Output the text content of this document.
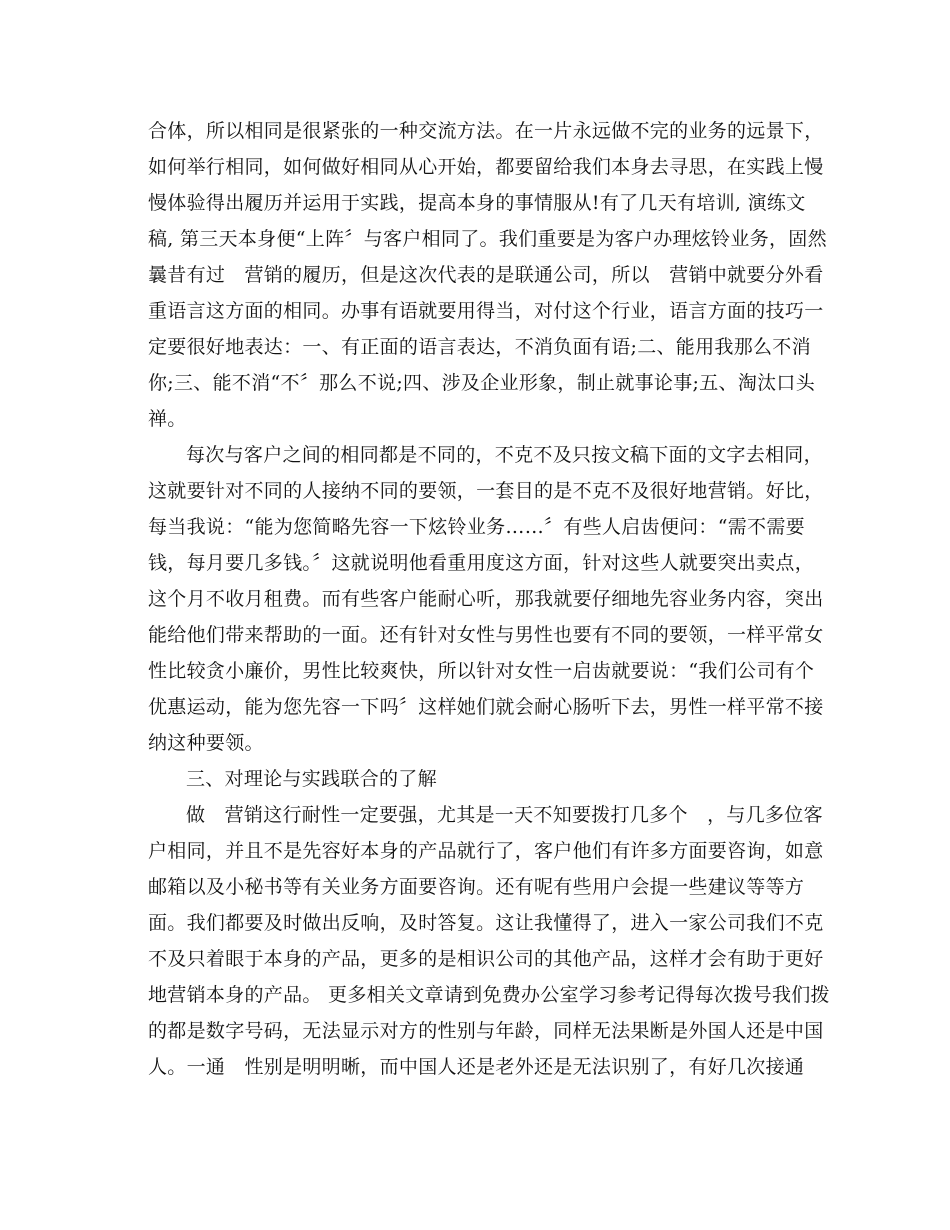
合体，所以相同是很紧张的一种交流方法。在一片永远做不完的业务的远景下，
如何举行相同，如何做好相同从心开始，都要留给我们本身去寻思，在实践上慢
慢体验得出履历并运用于实践，提高本身的事情服从!有了几天有培训, 演练文
稿, 第三天本身便“上阵〞与客户相同了。我们重要是为客户办理炫铃业务，固然
曩昔有过　营销的履历，但是这次代表的是联通公司，所以　营销中就要分外看
重语言这方面的相同。办事有语就要用得当，对付这个行业，语言方面的技巧一
定要很好地表达：一、有正面的语言表达，不消负面有语;二、能用我那么不消
你;三、能不消“不〞那么不说;四、涉及企业形象，制止就事论事;五、淘汰口头
禅。
每次与客户之间的相同都是不同的，不克不及只按文稿下面的文字去相同，
这就要针对不同的人接纳不同的要领，一套目的是不克不及很好地营销。好比，
每当我说：“能为您简略先容一下炫铃业务……〞有些人启齿便问：“需不需要
钱，每月要几多钱。〞这就说明他看重用度这方面，针对这些人就要突出卖点，
这个月不收月租费。而有些客户能耐心听，那我就要仔细地先容业务内容，突出
能给他们带来帮助的一面。还有针对女性与男性也要有不同的要领，一样平常女
性比较贪小廉价，男性比较爽快，所以针对女性一启齿就要说：“我们公司有个
优惠运动，能为您先容一下吗〞这样她们就会耐心肠听下去，男性一样平常不接
纳这种要领。
三、对理论与实践联合的了解
做　营销这行耐性一定要强，尤其是一天不知要拨打几多个　，与几多位客
户相同，并且不是先容好本身的产品就行了，客户他们有许多方面要咨询，如意
邮箱以及小秘书等有关业务方面要咨询。还有呢有些用户会提一些建议等等方
面。我们都要及时做出反响，及时答复。这让我懂得了，进入一家公司我们不克
不及只着眼于本身的产品，更多的是相识公司的其他产品，这样才会有助于更好
地营销本身的产品。 更多相关文章请到免费办公室学习参考记得每次拨号我们拨
的都是数字号码，无法显示对方的性别与年龄，同样无法果断是外国人还是中国
人。一通　性别是明明晰，而中国人还是老外还是无法识别了，有好几次接通
